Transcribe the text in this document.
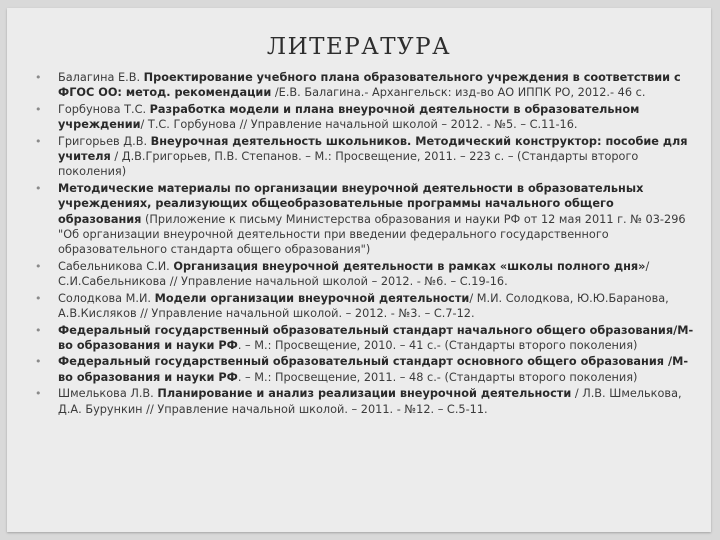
ЛИТЕРАТУРА
•	Балагина Е.В. Проектирование учебного плана образовательного учреждения в соответствии с ФГОС ОО: метод. рекомендации /Е.В. Балагина.- Архангельск: изд-во АО ИППК РО, 2012.- 46 с.
•	Горбунова Т.С. Разработка модели и плана внеурочной деятельности в образовательном учреждении/ Т.С. Горбунова // Управление начальной школой – 2012. - №5. – С.11-16.
•	Григорьев Д.В. Внеурочная деятельность школьников. Методический конструктор: пособие для учителя / Д.В.Григорьев, П.В. Степанов. – М.: Просвещение, 2011. – 223 с. – (Стандарты второго поколения)
•	Методические материалы по организации внеурочной деятельности в образовательных учреждениях, реализующих общеобразовательные программы начального общего образования (Приложение к письму Министерства образования и науки РФ от 12 мая 2011 г. № 03-296 "Об организации внеурочной деятельности при введении федерального государственного образовательного стандарта общего образования")
•	Сабельникова С.И. Организация внеурочной деятельности в рамках «школы полного дня»/С.И.Сабельникова // Управление начальной школой – 2012. - №6. – С.19-16.
•	Солодкова М.И. Модели организации внеурочной деятельности/ М.И. Солодкова, Ю.Ю.Баранова, А.В.Кисляков // Управление начальной школой. – 2012. - №3. – С.7-12.
•	Федеральный государственный образовательный стандарт начального общего образования/М-во образования и науки РФ. – М.: Просвещение, 2010. – 41 с.- (Стандарты второго поколения)
•	Федеральный государственный образовательный стандарт основного общего образования /М-во образования и науки РФ. – М.: Просвещение, 2011. – 48 с.- (Стандарты второго поколения)
•	Шмелькова Л.В. Планирование и анализ реализации внеурочной деятельности / Л.В. Шмелькова, Д.А. Бурункин // Управление начальной школой. – 2011. - №12. – С.5-11.
